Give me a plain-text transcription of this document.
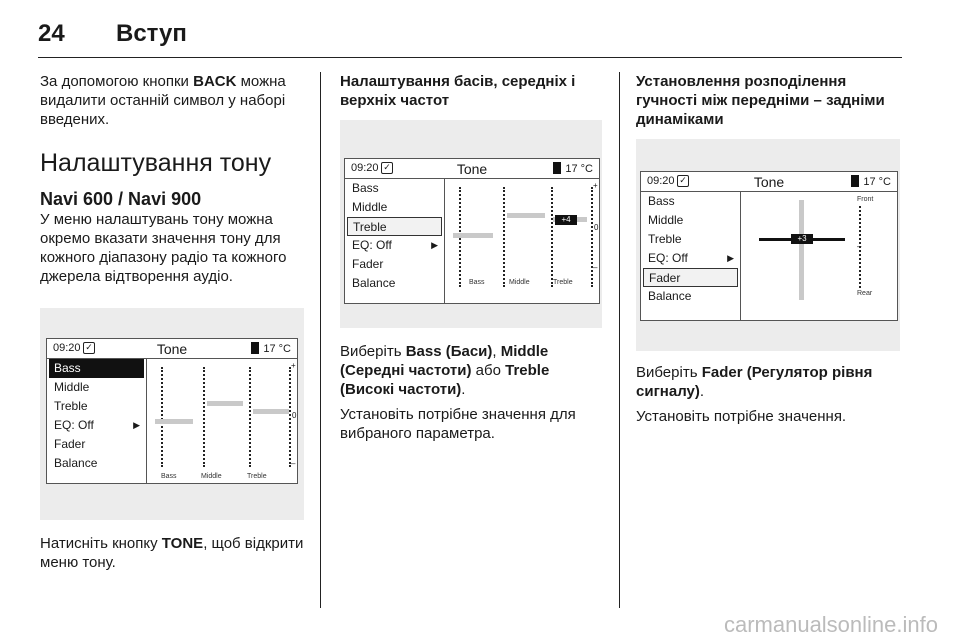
24 Вступ

За допомогою кнопки BACK можна видалити останній символ у наборі введених.

Налаштування тону
Navi 600 / Navi 900

У меню налаштувань тону можна окремо вказати значення тону для кожного діапазону радіо та кожного джерела відтворення аудіо.

09:20 ✓	Tone	17 °C
Bass
Middle
Treble
EQ: Off	▶
Fader
Balance
+
0
–
Bass	Middle	Treble

Натисніть кнопку TONE, щоб відкрити меню тону.

Налаштування басів, середніх і верхніх частот
09:20 ✓	Tone	17 °C
Bass
Middle
Treble
EQ: Off	▶
Fader
Balance
+4
+
0
–
Bass	Middle	Treble

Виберіть Bass (Баси), Middle (Середні частоти) або Treble (Високі частоти).

Установіть потрібне значення для вибраного параметра.

Установлення розподілення гучності між передніми – задніми динаміками
09:20 ✓	Tone	17 °C
Bass
Middle
Treble
EQ: Off	▶
Fader
Balance
+3
Front
–
Rear

Виберіть Fader (Регулятор рівня сигналу).

Установіть потрібне значення.

carmanualsonline.info
